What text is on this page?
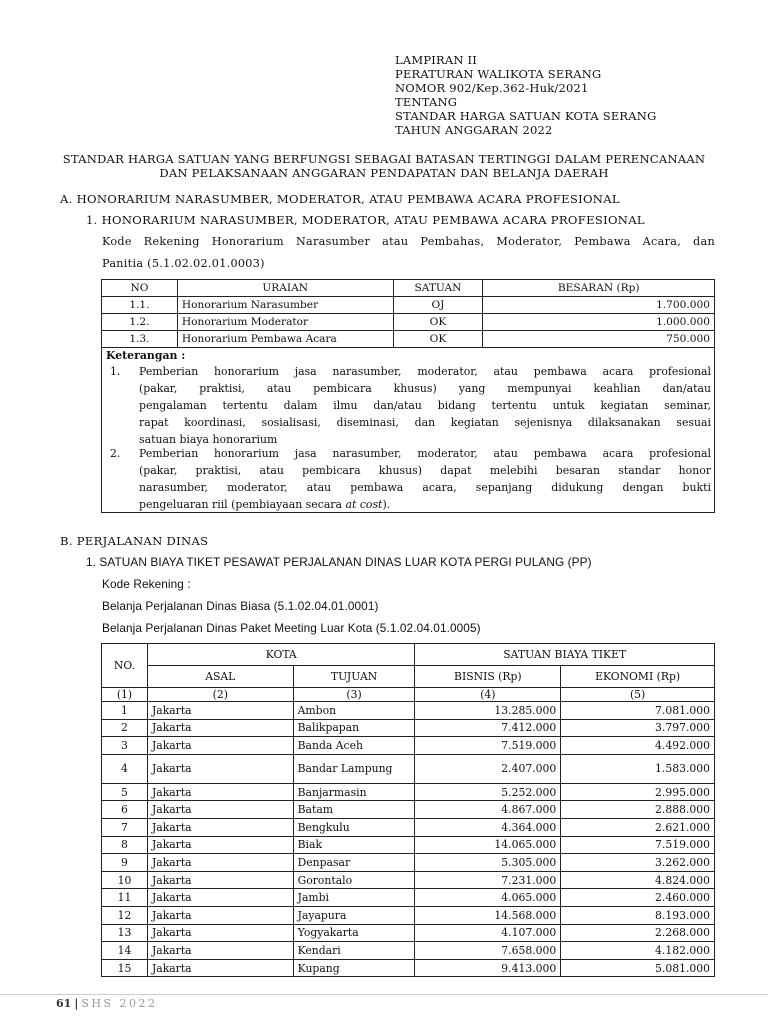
LAMPIRAN II
PERATURAN WALIKOTA SERANG
NOMOR 902/Kep.362-Huk/2021
TENTANG
STANDAR HARGA SATUAN KOTA SERANG
TAHUN ANGGARAN 2022
STANDAR HARGA SATUAN YANG BERFUNGSI SEBAGAI BATASAN TERTINGGI DALAM PERENCANAAN
DAN PELAKSANAAN ANGGARAN PENDAPATAN DAN BELANJA DAERAH
A. HONORARIUM NARASUMBER, MODERATOR, ATAU PEMBAWA ACARA PROFESIONAL
1. HONORARIUM NARASUMBER, MODERATOR, ATAU PEMBAWA ACARA PROFESIONAL
Kode Rekening Honorarium Narasumber atau Pembahas, Moderator, Pembawa Acara, dan
Panitia (5.1.02.02.01.0003)
NO	URAIAN	SATUAN	BESARAN (Rp)
1.1.	Honorarium Narasumber	OJ	1.700.000
1.2.	Honorarium Moderator	OK	1.000.000
1.3.	Honorarium Pembawa Acara	OK	750.000
Keterangan :
1. Pemberian honorarium jasa narasumber, moderator, atau pembawa acara profesional
(pakar, praktisi, atau pembicara khusus) yang mempunyai keahlian dan/atau
pengalaman tertentu dalam ilmu dan/atau bidang tertentu untuk kegiatan seminar,
rapat koordinasi, sosialisasi, diseminasi, dan kegiatan sejenisnya dilaksanakan sesuai
satuan biaya honorarium
2. Pemberian honorarium jasa narasumber, moderator, atau pembawa acara profesional
(pakar, praktisi, atau pembicara khusus) dapat melebihi besaran standar honor
narasumber, moderator, atau pembawa acara, sepanjang didukung dengan bukti
pengeluaran riil (pembiayaan secara at cost).
B. PERJALANAN DINAS
1. SATUAN BIAYA TIKET PESAWAT PERJALANAN DINAS LUAR KOTA PERGI PULANG (PP)
Kode Rekening :
Belanja Perjalanan Dinas Biasa (5.1.02.04.01.0001)
Belanja Perjalanan Dinas Paket Meeting Luar Kota (5.1.02.04.01.0005)
NO.	KOTA		SATUAN BIAYA TIKET	
	ASAL	TUJUAN	BISNIS (Rp)	EKONOMI (Rp)
(1)	(2)	(3)	(4)	(5)
1	Jakarta	Ambon	13.285.000	7.081.000
2	Jakarta	Balikpapan	7.412.000	3.797.000
3	Jakarta	Banda Aceh	7.519.000	4.492.000
4	Jakarta	Bandar Lampung	2.407.000	1.583.000
5	Jakarta	Banjarmasin	5.252.000	2.995.000
6	Jakarta	Batam	4.867.000	2.888.000
7	Jakarta	Bengkulu	4.364.000	2.621.000
8	Jakarta	Biak	14.065.000	7.519.000
9	Jakarta	Denpasar	5.305.000	3.262.000
10	Jakarta	Gorontalo	7.231.000	4.824.000
11	Jakarta	Jambi	4.065.000	2.460.000
12	Jakarta	Jayapura	14.568.000	8.193.000
13	Jakarta	Yogyakarta	4.107.000	2.268.000
14	Jakarta	Kendari	7.658.000	4.182.000
15	Jakarta	Kupang	9.413.000	5.081.000
61 | SHS 2022
